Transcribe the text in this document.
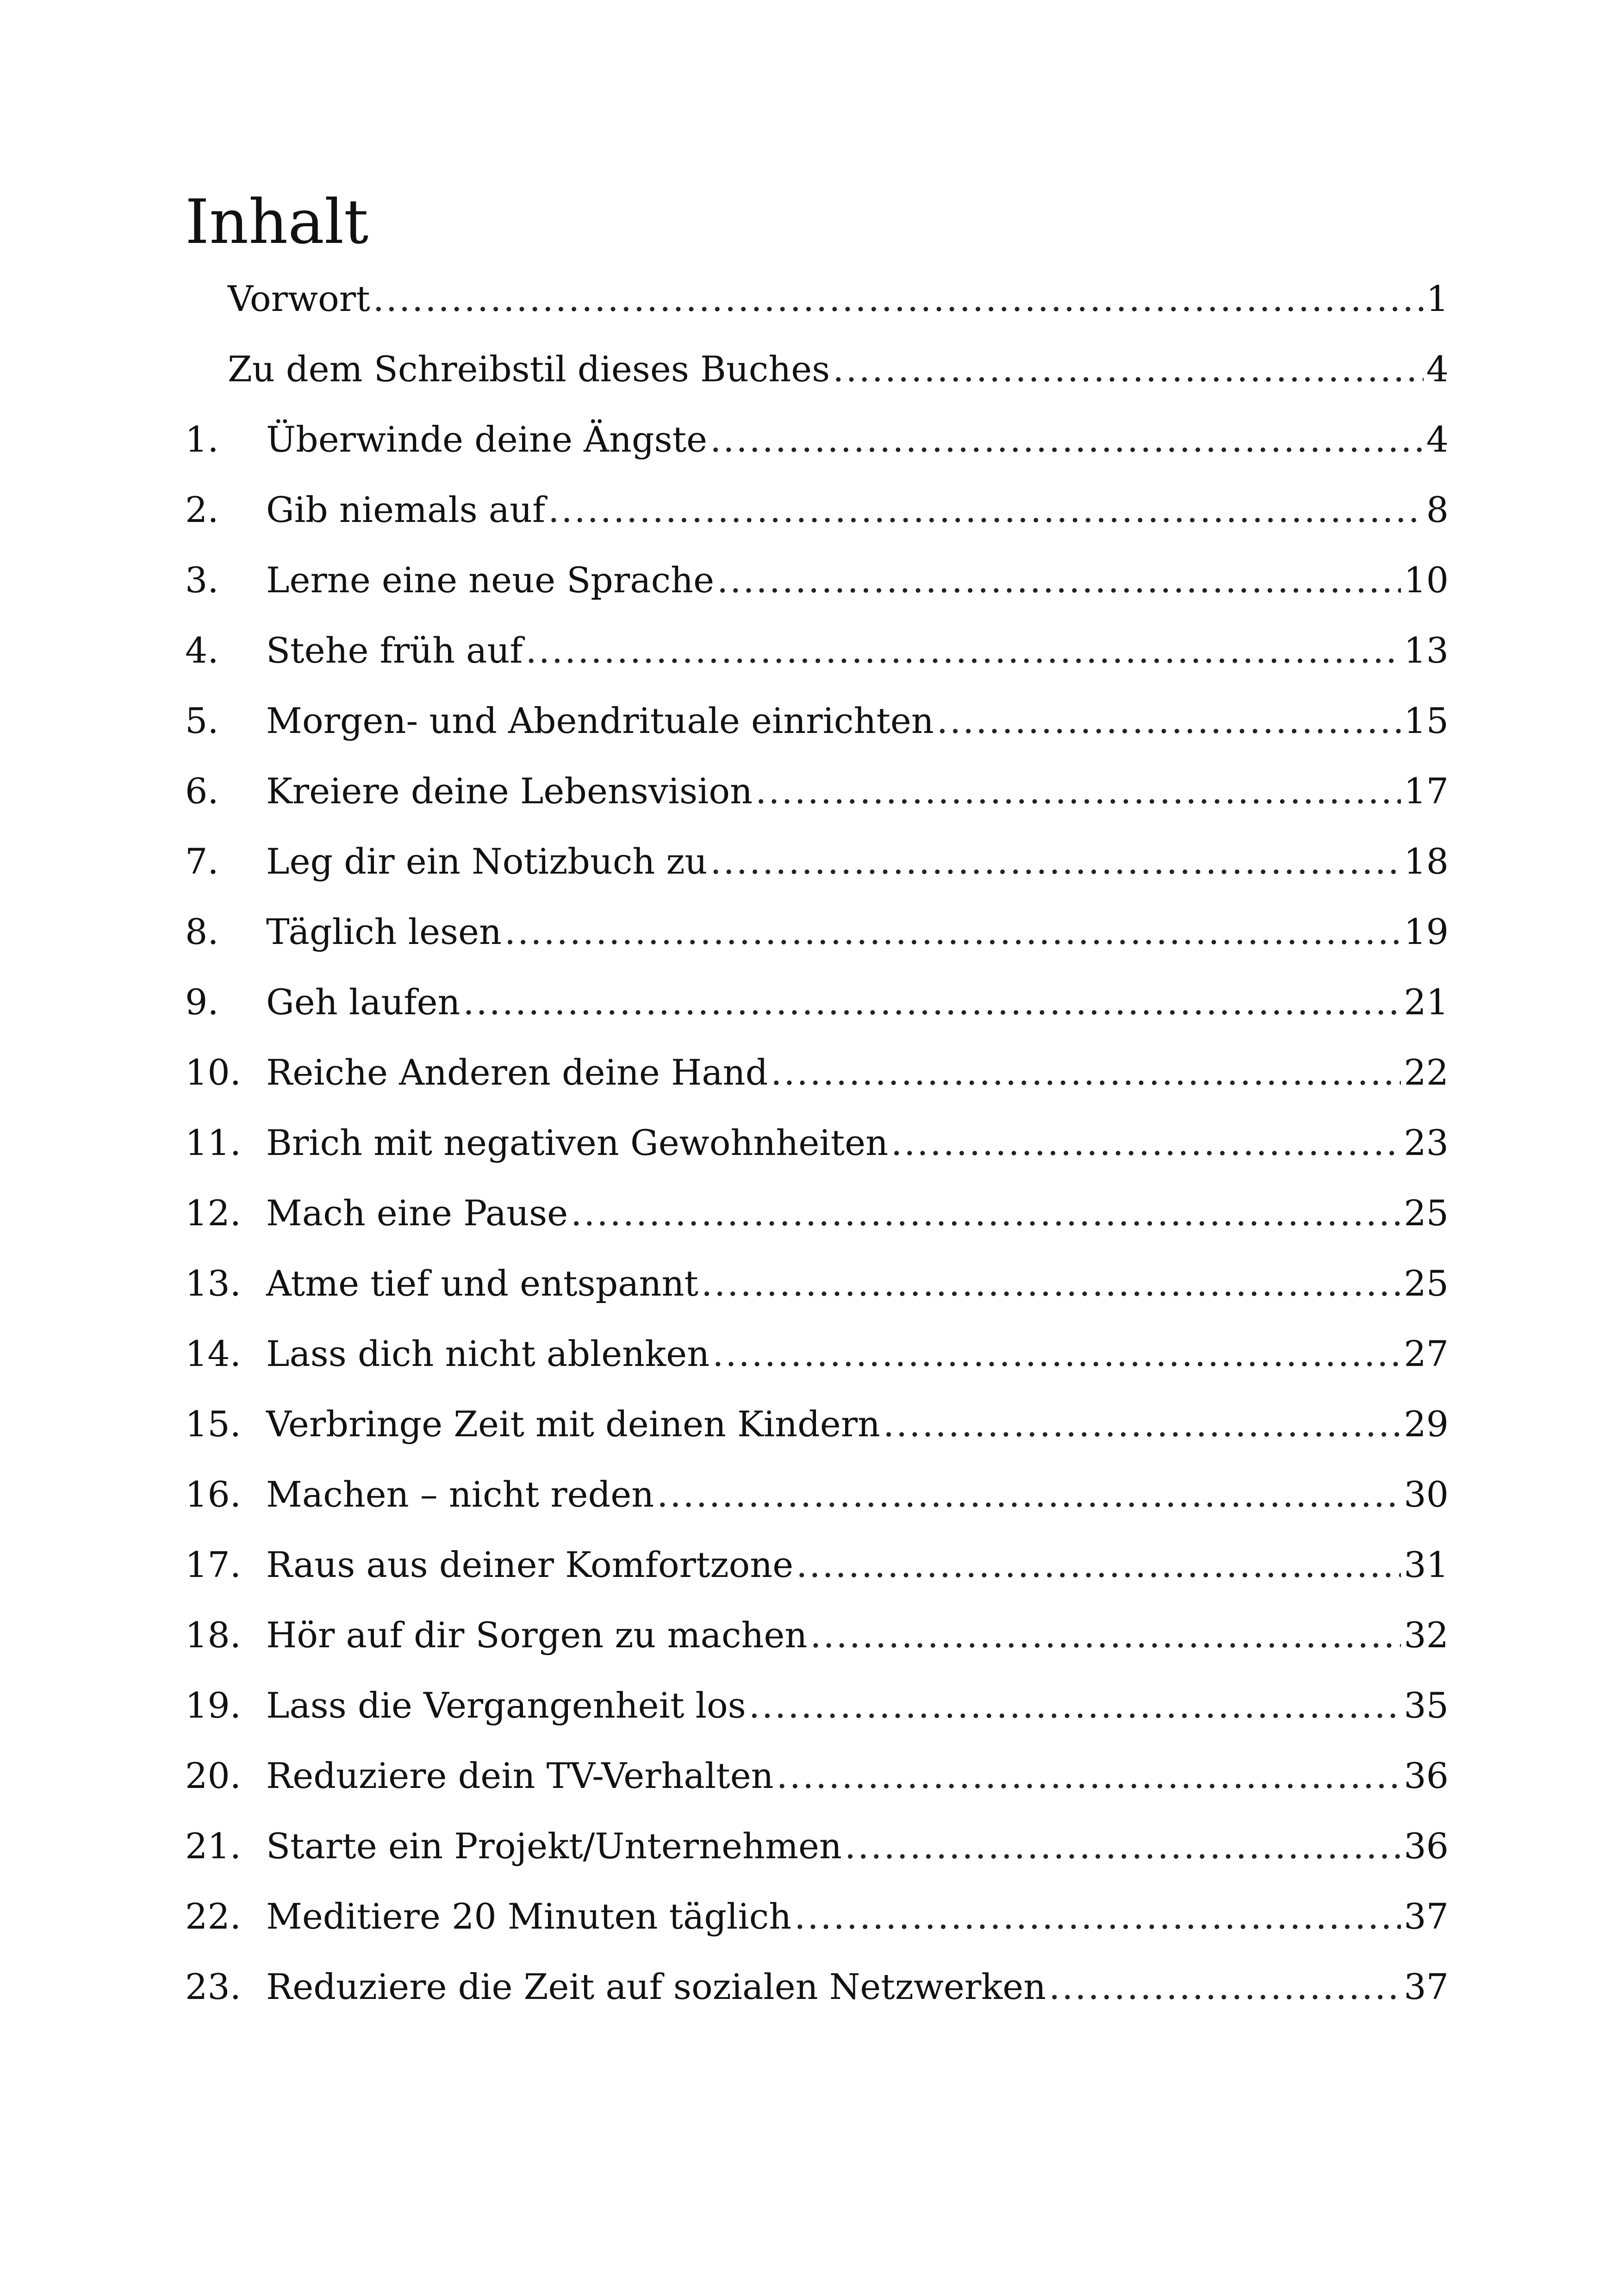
Inhalt
Vorwort .....	1
Zu dem Schreibstil dieses Buches .....	4
1.	Überwinde deine Ängste .....	4
2.	Gib niemals auf .....	8
3.	Lerne eine neue Sprache .....	10
4.	Stehe früh auf .....	13
5.	Morgen- und Abendrituale einrichten .....	15
6.	Kreiere deine Lebensvision .....	17
7.	Leg dir ein Notizbuch zu .....	18
8.	Täglich lesen .....	19
9.	Geh laufen .....	21
10. Reiche Anderen deine Hand .....	22
11. Brich mit negativen Gewohnheiten .....	23
12. Mach eine Pause .....	25
13. Atme tief und entspannt .....	25
14. Lass dich nicht ablenken .....	27
15. Verbringe Zeit mit deinen Kindern .....	29
16. Machen – nicht reden .....	30
17. Raus aus deiner Komfortzone .....	31
18. Hör auf dir Sorgen zu machen .....	32
19. Lass die Vergangenheit los .....	35
20. Reduziere dein TV-Verhalten .....	36
21. Starte ein Projekt/Unternehmen .....	36
22. Meditiere 20 Minuten täglich .....	37
23. Reduziere die Zeit auf sozialen Netzwerken .....	37
